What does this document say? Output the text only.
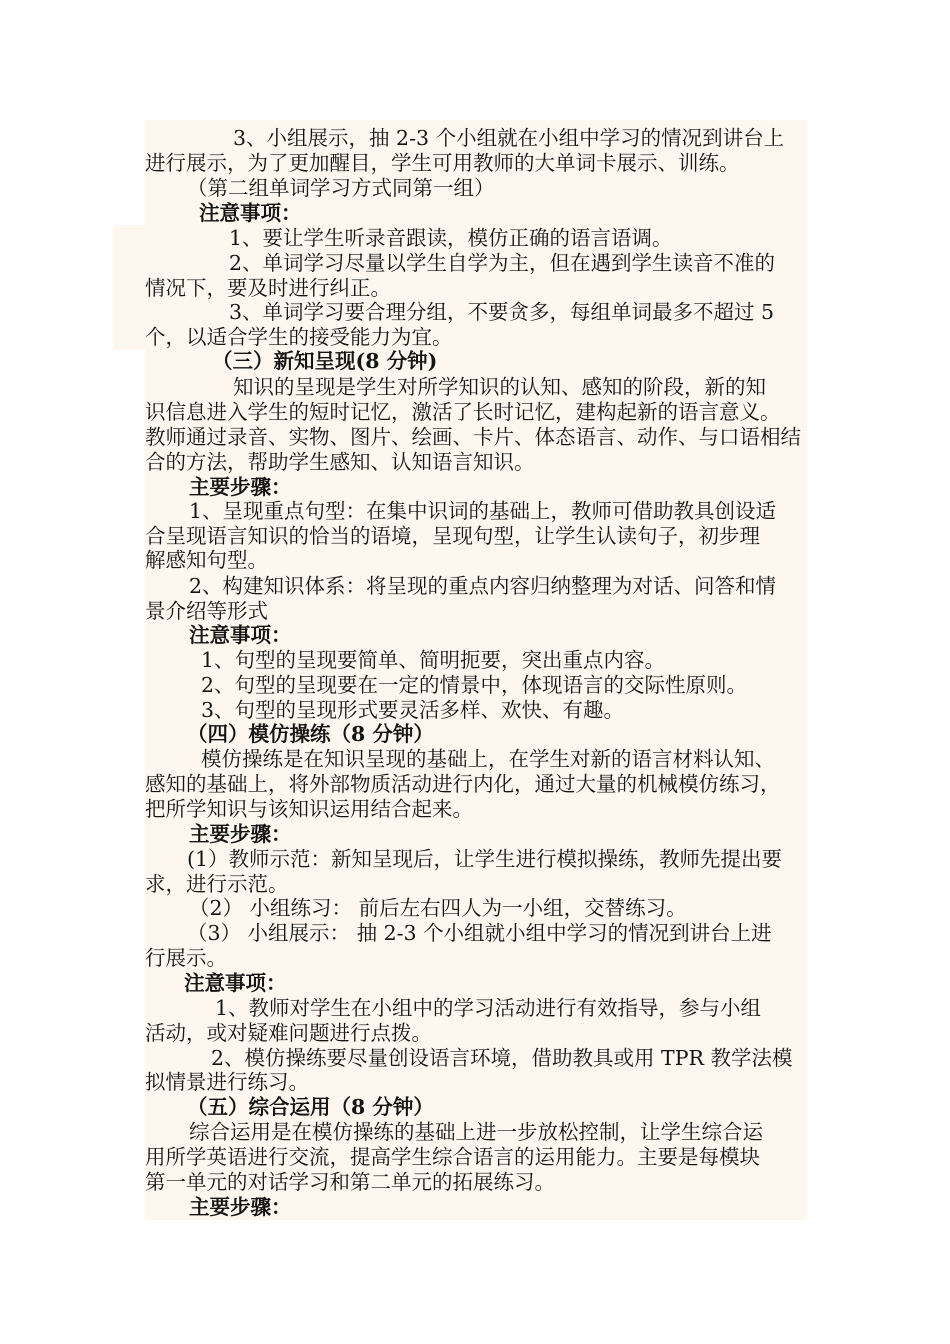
3、小组展示，抽 2-3 个小组就在小组中学习的情况到讲台上
进行展示，为了更加醒目，学生可用教师的大单词卡展示、训练。
（第二组单词学习方式同第一组）
注意事项：
1、要让学生听录音跟读，模仿正确的语言语调。
2、单词学习尽量以学生自学为主，但在遇到学生读音不准的
情况下，要及时进行纠正。
3、单词学习要合理分组，不要贪多，每组单词最多不超过 5
个，以适合学生的接受能力为宜。
（三）新知呈现(8 分钟)
知识的呈现是学生对所学知识的认知、感知的阶段，新的知
识信息进入学生的短时记忆，激活了长时记忆，建构起新的语言意义。
教师通过录音、实物、图片、绘画、卡片、体态语言、动作、与口语相结
合的方法，帮助学生感知、认知语言知识。
主要步骤：
1、呈现重点句型：在集中识词的基础上，教师可借助教具创设适
合呈现语言知识的恰当的语境，呈现句型，让学生认读句子，初步理
解感知句型。
2、构建知识体系：将呈现的重点内容归纳整理为对话、问答和情
景介绍等形式
注意事项：
1、句型的呈现要简单、简明扼要，突出重点内容。
2、句型的呈现要在一定的情景中，体现语言的交际性原则。
3、句型的呈现形式要灵活多样、欢快、有趣。
（四）模仿操练（8 分钟）
模仿操练是在知识呈现的基础上，在学生对新的语言材料认知、
感知的基础上，将外部物质活动进行内化，通过大量的机械模仿练习，
把所学知识与该知识运用结合起来。
主要步骤：
(1）教师示范：新知呈现后，让学生进行模拟操练，教师先提出要
求，进行示范。
（2） 小组练习： 前后左右四人为一小组，交替练习。
（3） 小组展示： 抽 2-3 个小组就小组中学习的情况到讲台上进
行展示。
注意事项：
1、教师对学生在小组中的学习活动进行有效指导，参与小组
活动，或对疑难问题进行点拨。
2、模仿操练要尽量创设语言环境，借助教具或用 TPR 教学法模
拟情景进行练习。
（五）综合运用（8 分钟）
综合运用是在模仿操练的基础上进一步放松控制，让学生综合运
用所学英语进行交流，提高学生综合语言的运用能力。主要是每模块
第一单元的对话学习和第二单元的拓展练习。
主要步骤：
